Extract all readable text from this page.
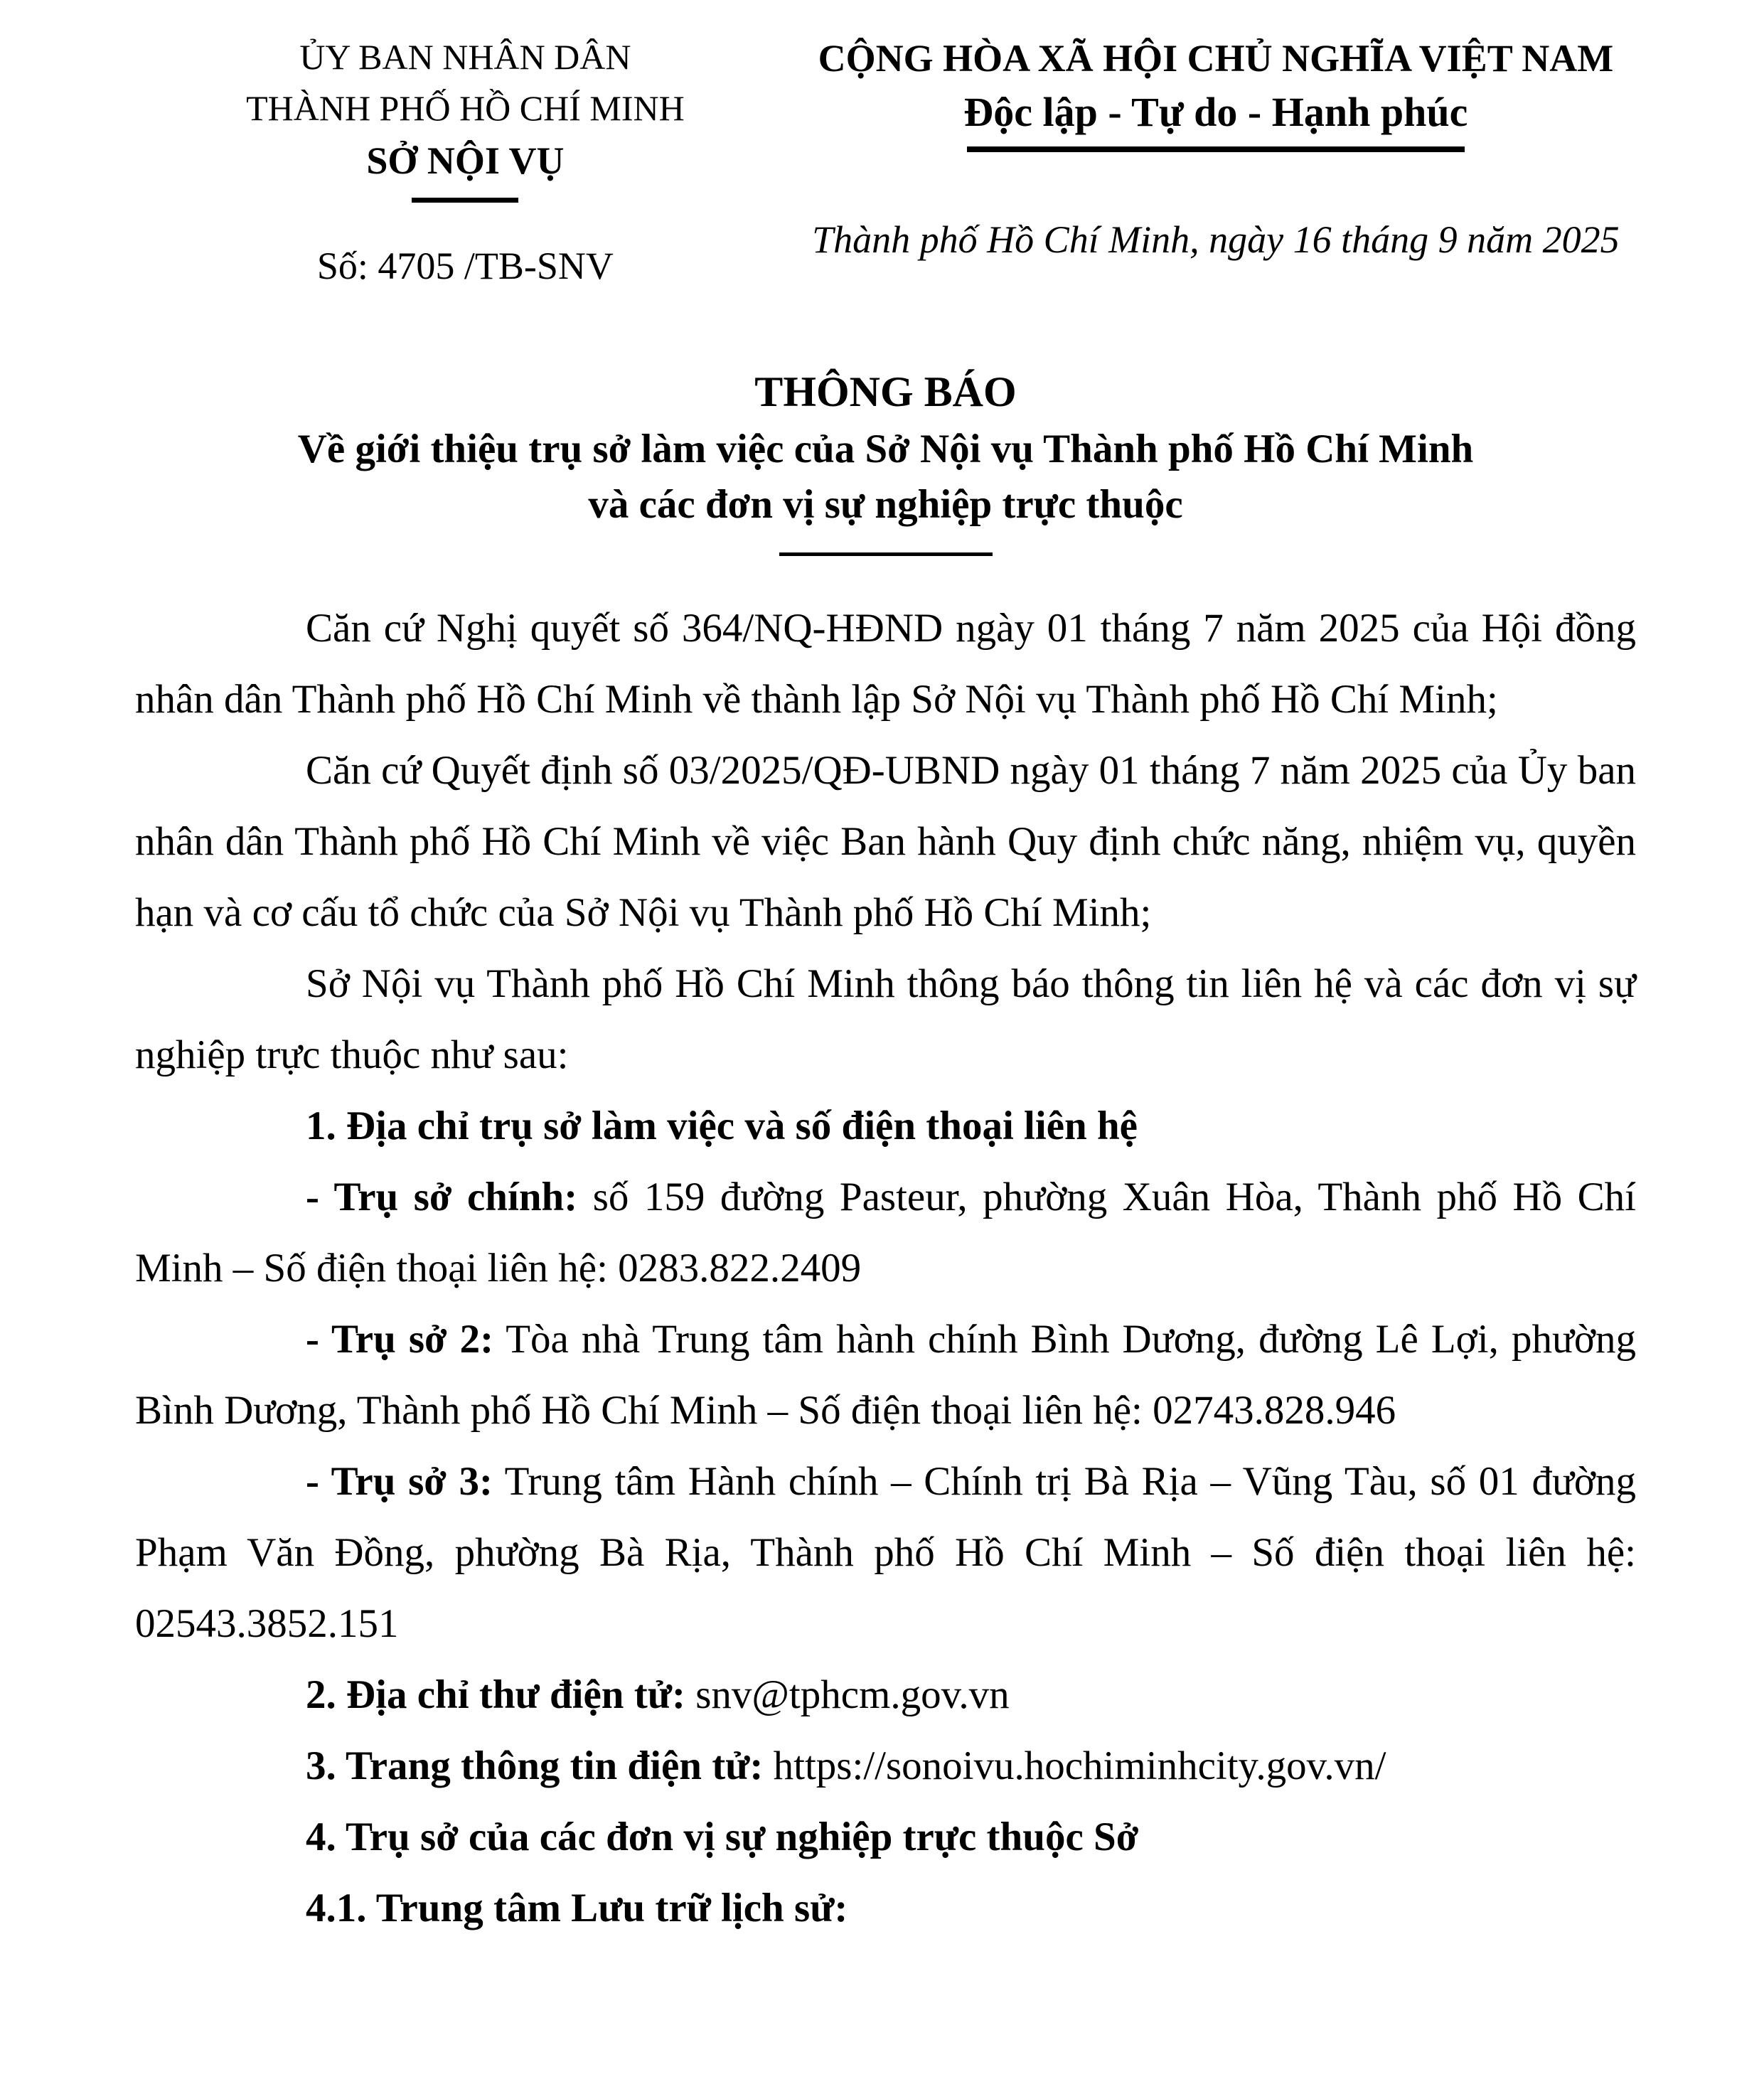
ỦY BAN NHÂN DÂN
THÀNH PHỐ HỒ CHÍ MINH
SỞ NỘI VỤ
Số: 4705 /TB-SNV
CỘNG HÒA XÃ HỘI CHỦ NGHĨA VIỆT NAM
Độc lập - Tự do - Hạnh phúc
Thành phố Hồ Chí Minh, ngày 16 tháng 9 năm 2025
THÔNG BÁO
Về giới thiệu trụ sở làm việc của Sở Nội vụ Thành phố Hồ Chí Minh
và các đơn vị sự nghiệp trực thuộc

Căn cứ Nghị quyết số 364/NQ-HĐND ngày 01 tháng 7 năm 2025 của Hội đồng nhân dân Thành phố Hồ Chí Minh về thành lập Sở Nội vụ Thành phố Hồ Chí Minh;

Căn cứ Quyết định số 03/2025/QĐ-UBND ngày 01 tháng 7 năm 2025 của Ủy ban nhân dân Thành phố Hồ Chí Minh về việc Ban hành Quy định chức năng, nhiệm vụ, quyền hạn và cơ cấu tổ chức của Sở Nội vụ Thành phố Hồ Chí Minh;

Sở Nội vụ Thành phố Hồ Chí Minh thông báo thông tin liên hệ và các đơn vị sự nghiệp trực thuộc như sau:

1. Địa chỉ trụ sở làm việc và số điện thoại liên hệ

- Trụ sở chính: số 159 đường Pasteur, phường Xuân Hòa, Thành phố Hồ Chí Minh – Số điện thoại liên hệ: 0283.822.2409

- Trụ sở 2: Tòa nhà Trung tâm hành chính Bình Dương, đường Lê Lợi, phường Bình Dương, Thành phố Hồ Chí Minh – Số điện thoại liên hệ: 02743.828.946

- Trụ sở 3: Trung tâm Hành chính – Chính trị Bà Rịa – Vũng Tàu, số 01 đường Phạm Văn Đồng, phường Bà Rịa, Thành phố Hồ Chí Minh – Số điện thoại liên hệ: 02543.3852.151

2. Địa chỉ thư điện tử: snv@tphcm.gov.vn

3. Trang thông tin điện tử: https://sonoivu.hochiminhcity.gov.vn/

4. Trụ sở của các đơn vị sự nghiệp trực thuộc Sở

4.1. Trung tâm Lưu trữ lịch sử:
